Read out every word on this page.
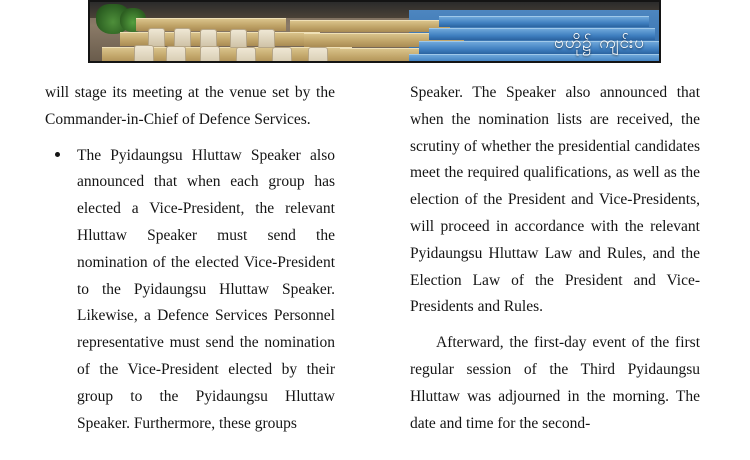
ဗဟို၌ ကျင်းပ

will stage its meeting at the venue set by the Commander-in-Chief of Defence Services.

The Pyidaungsu Hluttaw Speaker also announced that when each group has elected a Vice-President, the relevant Hluttaw Speaker must send the nomination of the elected Vice-President to the Pyidaungsu Hluttaw Speaker. Likewise, a Defence Services Personnel representative must send the nomination of the Vice-President elected by their group to the Pyidaungsu Hluttaw Speaker. Furthermore, these groups

Speaker. The Speaker also announced that when the nomination lists are received, the scrutiny of whether the presidential candidates meet the required qualifications, as well as the election of the President and Vice-Presidents, will proceed in accordance with the relevant Pyidaungsu Hluttaw Law and Rules, and the Election Law of the President and Vice-Presidents and Rules.

Afterward, the first-day event of the first regular session of the Third Pyidaungsu Hluttaw was adjourned in the morning. The date and time for the second-
